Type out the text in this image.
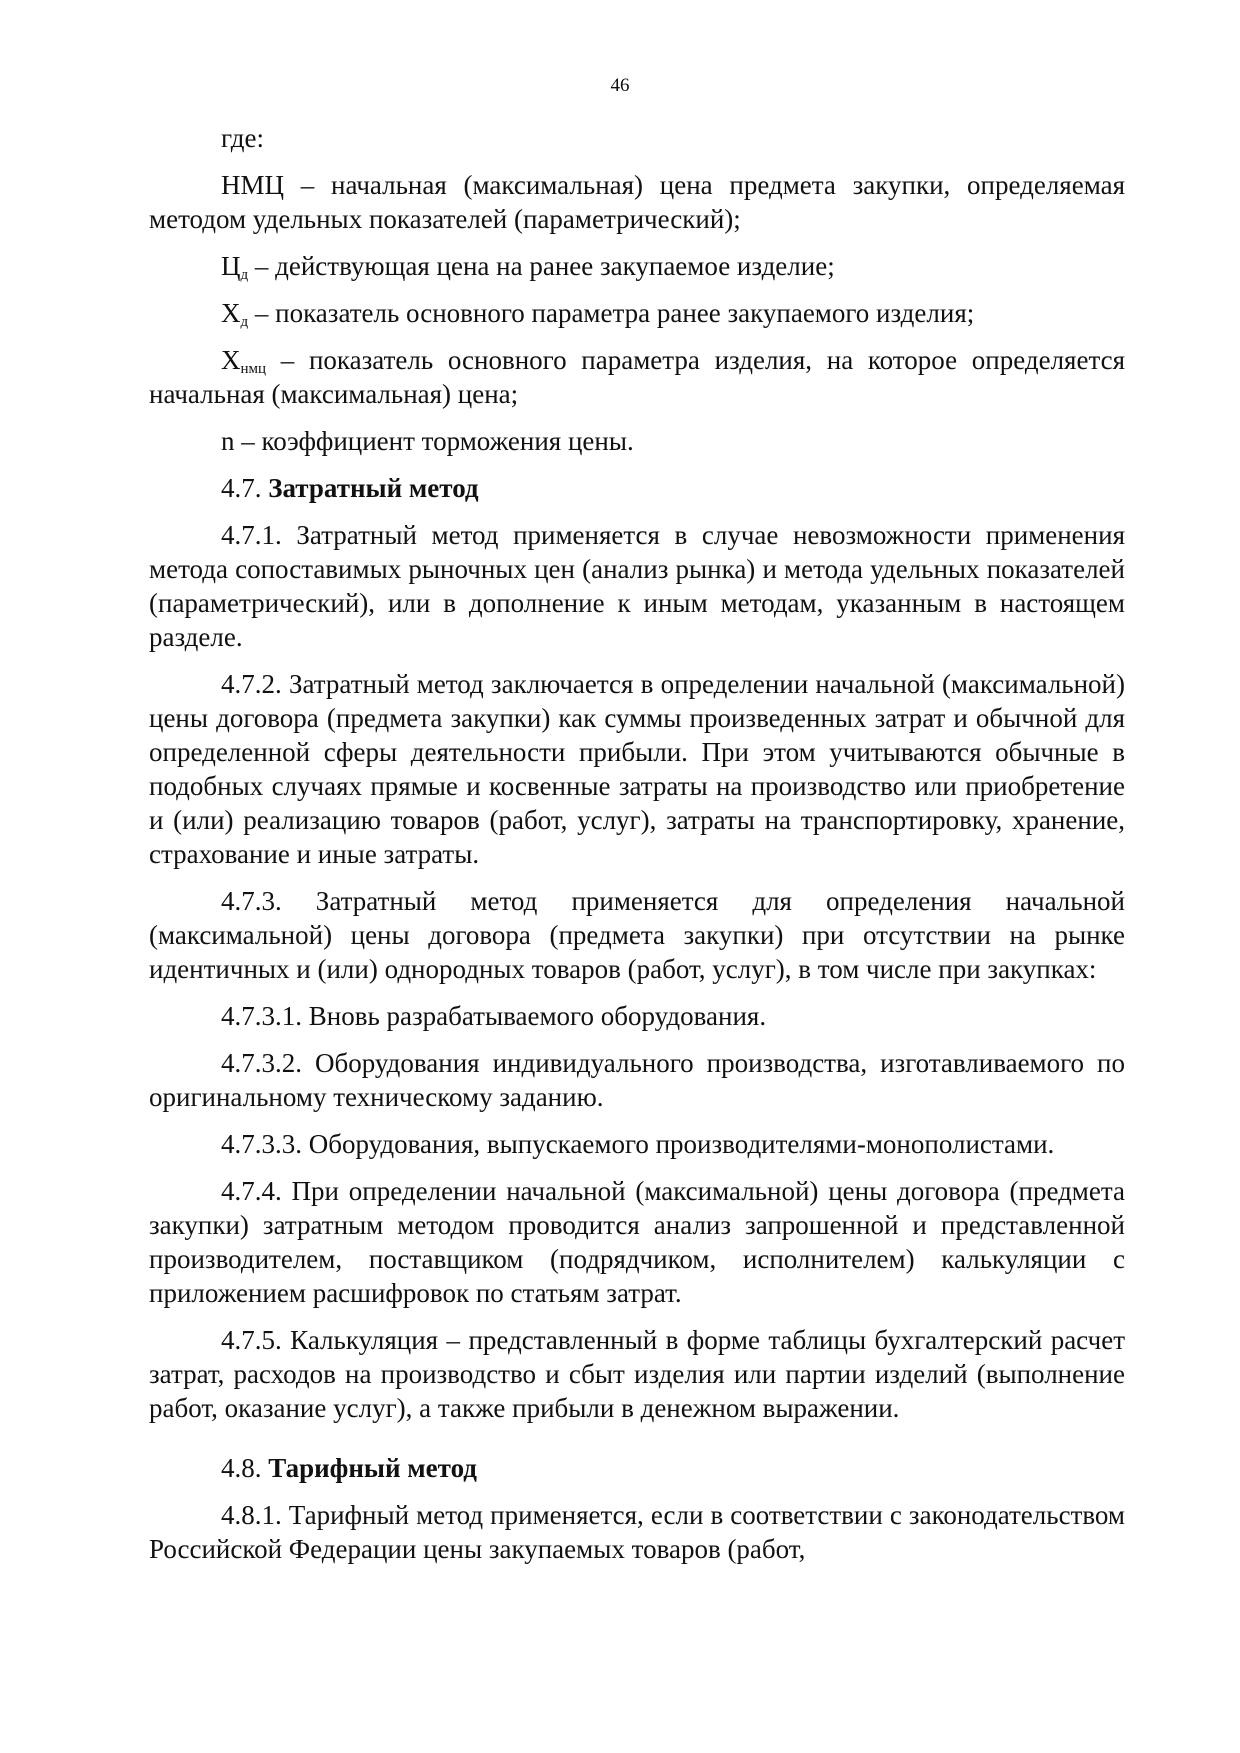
46

где:

НМЦ – начальная (максимальная) цена предмета закупки, определяемая методом удельных показателей (параметрический);

$Ц_д$ – действующая цена на ранее закупаемое изделие;

$Х_д$ – показатель основного параметра ранее закупаемого изделия;

$Х_{нмц}$ – показатель основного параметра изделия, на которое определяется начальная (максимальная) цена;

n – коэффициент торможения цены.

4.7. Затратный метод

4.7.1. Затратный метод применяется в случае невозможности применения метода сопоставимых рыночных цен (анализ рынка) и метода удельных показателей (параметрический), или в дополнение к иным методам, указанным в настоящем разделе.

4.7.2. Затратный метод заключается в определении начальной (максимальной) цены договора (предмета закупки) как суммы произведенных затрат и обычной для определенной сферы деятельности прибыли. При этом учитываются обычные в подобных случаях прямые и косвенные затраты на производство или приобретение и (или) реализацию товаров (работ, услуг), затраты на транспортировку, хранение, страхование и иные затраты.

4.7.3. Затратный метод применяется для определения начальной (максимальной) цены договора (предмета закупки) при отсутствии на рынке идентичных и (или) однородных товаров (работ, услуг), в том числе при закупках:

4.7.3.1. Вновь разрабатываемого оборудования.

4.7.3.2. Оборудования индивидуального производства, изготавливаемого по оригинальному техническому заданию.

4.7.3.3. Оборудования, выпускаемого производителями-монополистами.

4.7.4. При определении начальной (максимальной) цены договора (предмета закупки) затратным методом проводится анализ запрошенной и представленной производителем, поставщиком (подрядчиком, исполнителем) калькуляции с приложением расшифровок по статьям затрат.

4.7.5. Калькуляция – представленный в форме таблицы бухгалтерский расчет затрат, расходов на производство и сбыт изделия или партии изделий (выполнение работ, оказание услуг), а также прибыли в денежном выражении.

4.8. Тарифный метод

4.8.1. Тарифный метод применяется, если в соответствии с законодательством Российской Федерации цены закупаемых товаров (работ,
